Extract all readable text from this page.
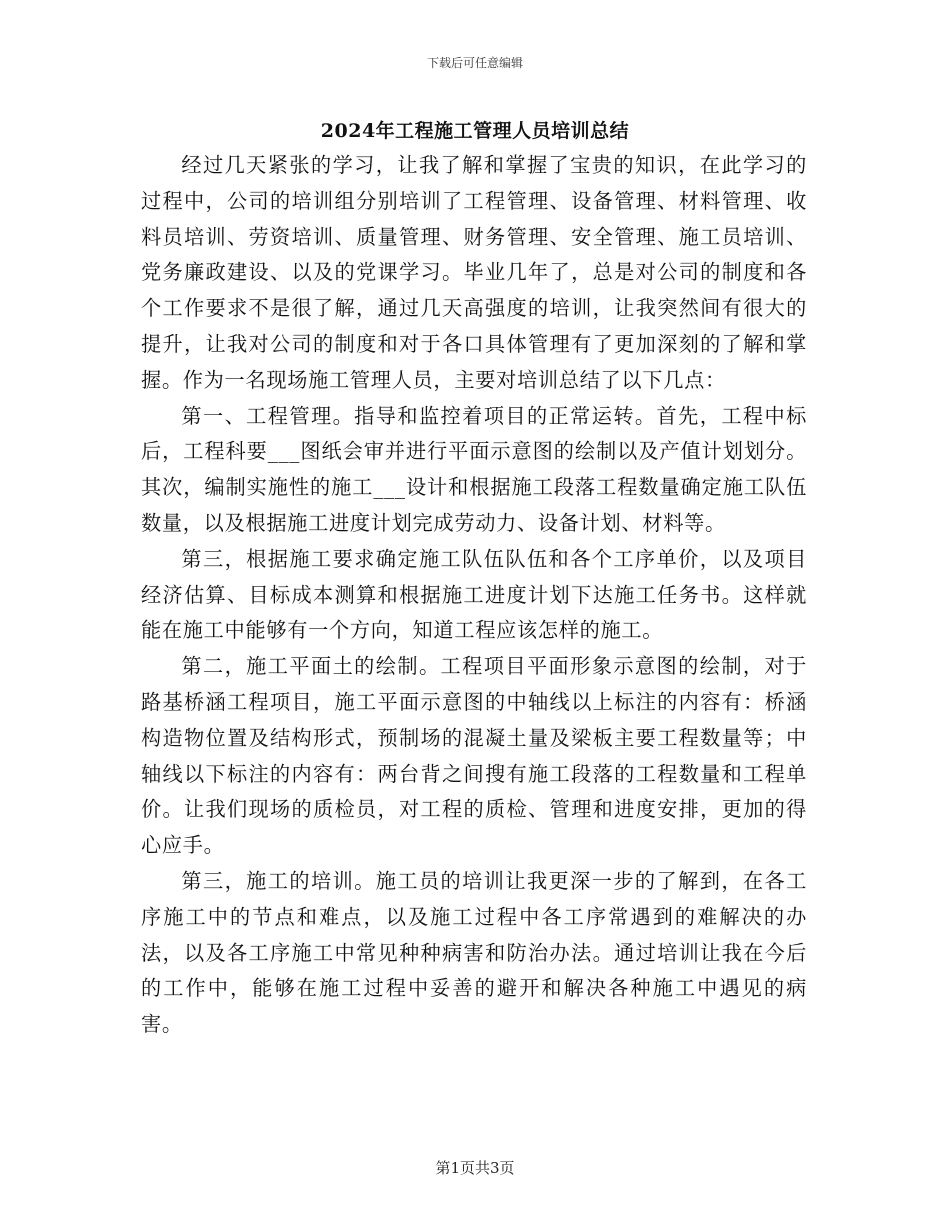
下载后可任意编辑
2024年工程施工管理人员培训总结

经过几天紧张的学习，让我了解和掌握了宝贵的知识，在此学习的过程中，公司的培训组分别培训了工程管理、设备管理、材料管理、收料员培训、劳资培训、质量管理、财务管理、安全管理、施工员培训、党务廉政建设、以及的党课学习。毕业几年了，总是对公司的制度和各个工作要求不是很了解，通过几天高强度的培训，让我突然间有很大的提升，让我对公司的制度和对于各口具体管理有了更加深刻的了解和掌握。作为一名现场施工管理人员，主要对培训总结了以下几点：

第一、工程管理。指导和监控着项目的正常运转。首先，工程中标后，工程科要___图纸会审并进行平面示意图的绘制以及产值计划划分。其次，编制实施性的施工___设计和根据施工段落工程数量确定施工队伍数量，以及根据施工进度计划完成劳动力、设备计划、材料等。

第三，根据施工要求确定施工队伍队伍和各个工序单价，以及项目经济估算、目标成本测算和根据施工进度计划下达施工任务书。这样就能在施工中能够有一个方向，知道工程应该怎样的施工。

第二，施工平面土的绘制。工程项目平面形象示意图的绘制，对于路基桥涵工程项目，施工平面示意图的中轴线以上标注的内容有：桥涵构造物位置及结构形式，预制场的混凝土量及梁板主要工程数量等；中轴线以下标注的内容有：两台背之间搜有施工段落的工程数量和工程单价。让我们现场的质检员，对工程的质检、管理和进度安排，更加的得心应手。

第三，施工的培训。施工员的培训让我更深一步的了解到，在各工序施工中的节点和难点，以及施工过程中各工序常遇到的难解决的办法，以及各工序施工中常见种种病害和防治办法。通过培训让我在今后的工作中，能够在施工过程中妥善的避开和解决各种施工中遇见的病害。

第1页共3页
